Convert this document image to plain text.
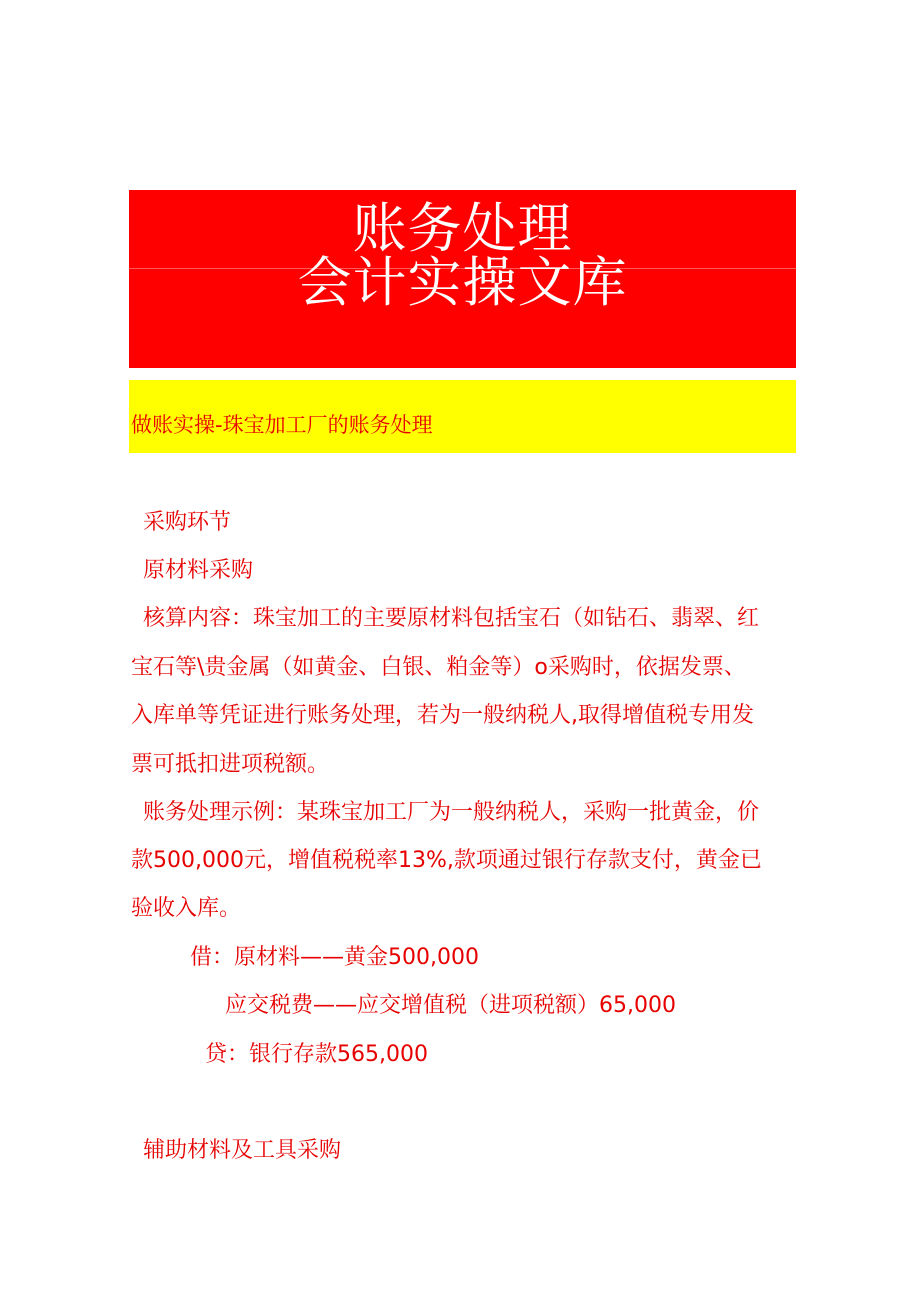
账务处理
会计实操文库
做账实操-珠宝加工厂的账务处理
采购环节
原材料采购
核算内容：珠宝加工的主要原材料包括宝石（如钻石、翡翠、红
宝石等\贵金属（如黄金、白银、粕金等）o采购时，依据发票、
入库单等凭证进行账务处理，若为一般纳税人,取得增值税专用发
票可抵扣进项税额。
账务处理示例：某珠宝加工厂为一般纳税人，采购一批黄金，价
款500,000元，增值税税率13%,款项通过银行存款支付，黄金已
验收入库。
借：原材料——黄金500,000
应交税费——应交增值税（进项税额）65,000
贷：银行存款565,000
辅助材料及工具采购
